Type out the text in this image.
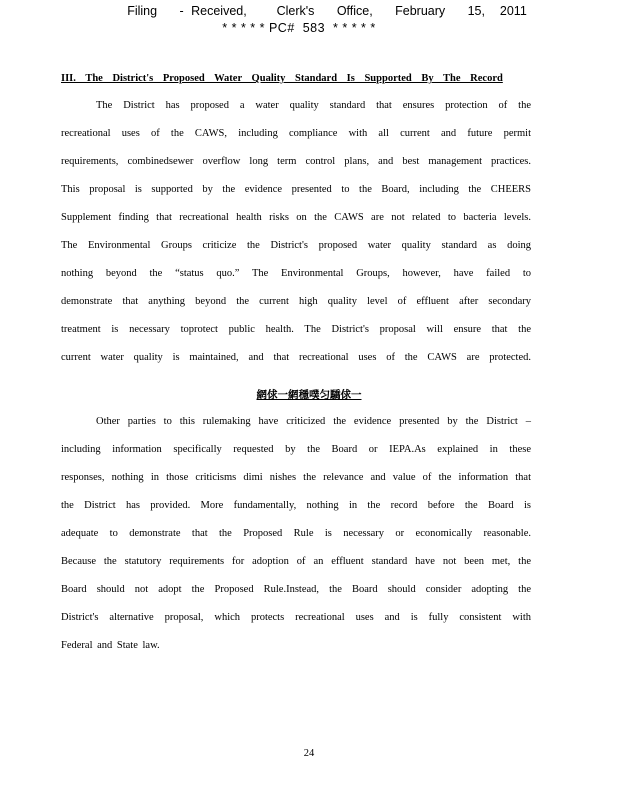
Filing   - Received,    Clerk's   Office,   February   15,  2011
* * * * * PC#  583  * * * * *
III. The District's Proposed Water Quality Standard Is Supported By The Record
The District has proposed a water quality standard that ensures protection of the
recreational uses of the CAWS, including compliance with all current and future permit
requirements, combinedsewer overflow long term control plans, and best management practices.
This proposal is supported by the evidence presented to the Board, including the CHEERS
Supplement finding that recreational health risks on the CAWS are not related to bacteria levels.
The Environmental Groups criticize the District's proposed water quality standard as doing
nothing beyond the “status quo.” The Environmental Groups, however, have failed to
demonstrate that anything beyond the current high quality level of effluent after secondary
treatment is necessary toprotect public health. The District's proposal will ensure that the
current water quality is maintained, and that recreational uses of the CAWS are protected.
網俅一網穩噗匀驕俅一
Other parties to this rulemaking have criticized the evidence presented by the District –
including information specifically requested by the Board or IEPA.As explained in these
responses, nothing in those criticisms dimi nishes the relevance and value of the information that
the District has provided. More fundamentally, nothing in the record before the Board is
adequate to demonstrate that the Proposed Rule is necessary or economically reasonable.
Because the statutory requirements for adoption of an effluent standard have not been met, the
Board should not adopt the Proposed Rule.Instead, the Board should consider adopting the
District's alternative proposal, which protects recreational uses and is fully consistent with
Federal and State law.
24
